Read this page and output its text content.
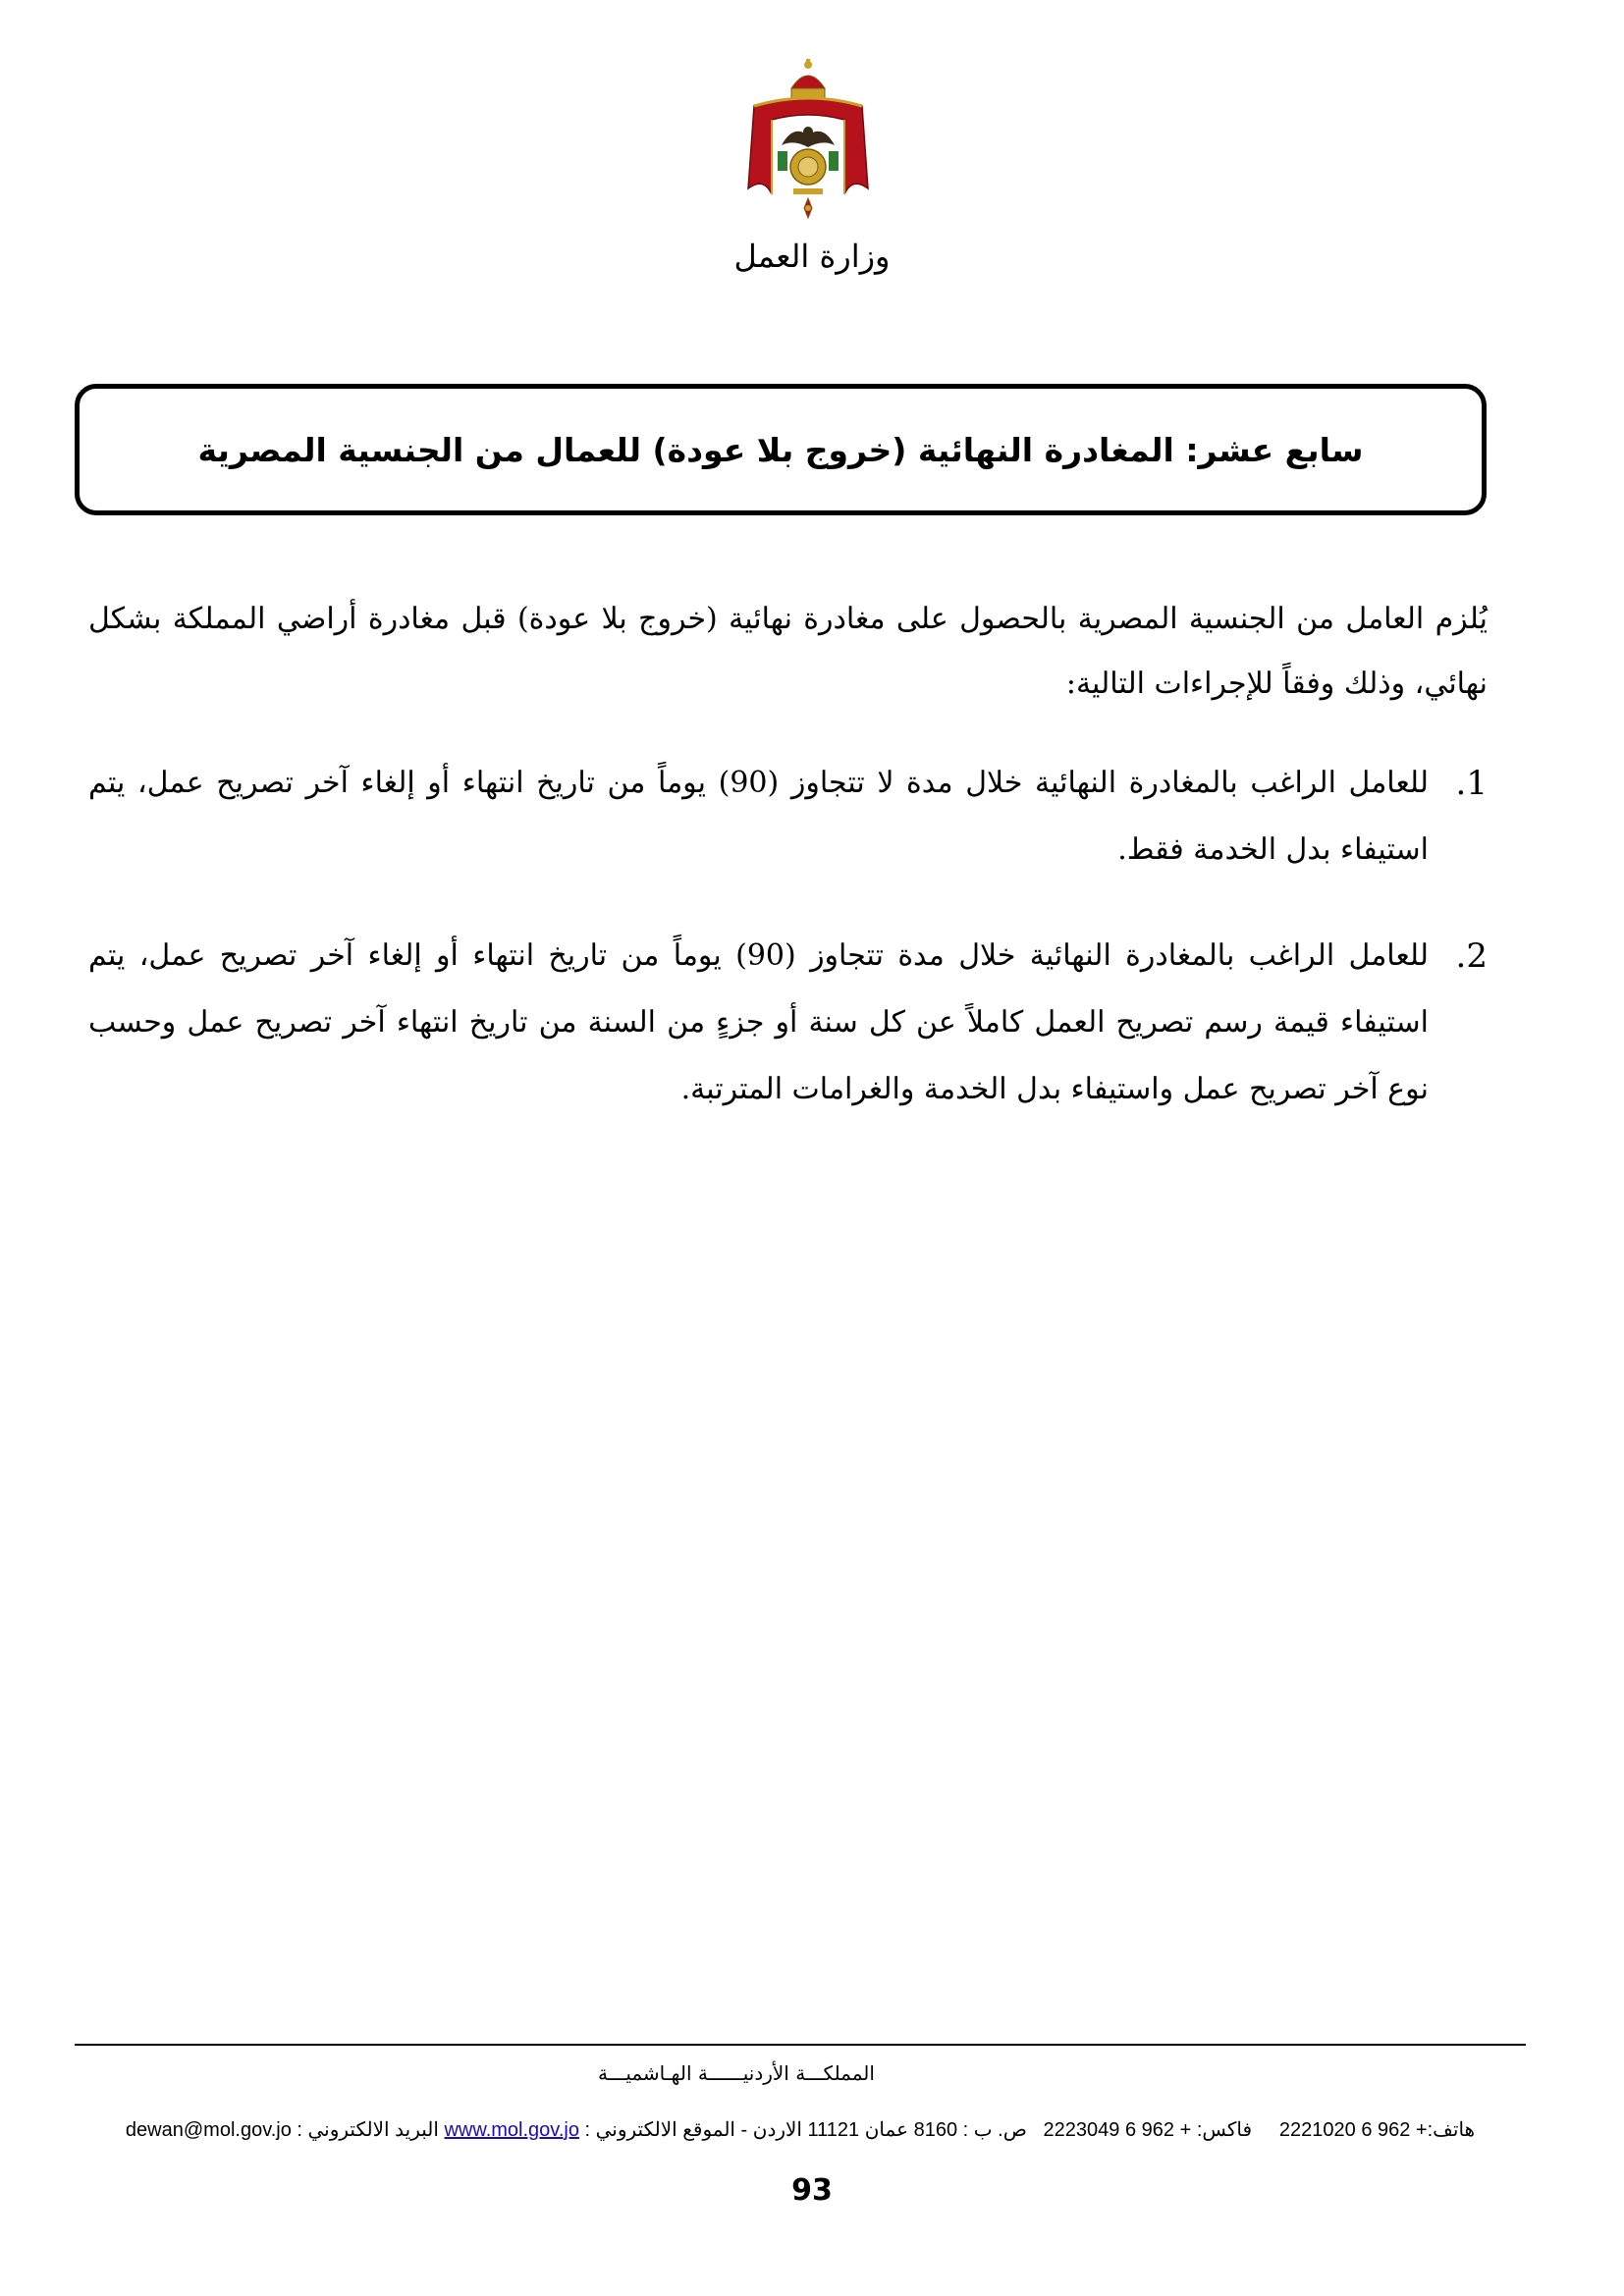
وزارة العمل
سابع عشر: المغادرة النهائية (خروج بلا عودة) للعمال من الجنسية المصرية
يُلزم العامل من الجنسية المصرية بالحصول على مغادرة نهائية (خروج بلا عودة) قبل مغادرة أراضي المملكة بشكل نهائي، وذلك وفقاً للإجراءات التالية:
1.
للعامل الراغب بالمغادرة النهائية خلال مدة لا تتجاوز (90) يوماً من تاريخ انتهاء أو إلغاء آخر تصريح عمل، يتم استيفاء بدل الخدمة فقط.
2.
للعامل الراغب بالمغادرة النهائية خلال مدة تتجاوز (90) يوماً من تاريخ انتهاء أو إلغاء آخر تصريح عمل، يتم استيفاء قيمة رسم تصريح العمل كاملاً عن كل سنة أو جزءٍ من السنة من تاريخ انتهاء آخر تصريح عمل وحسب نوع آخر تصريح عمل واستيفاء بدل الخدمة والغرامات المترتبة.
المملكـــة الأردنيــــــة الهـاشميـــة
هاتف:+ 962 6 2221020     فاكس: + 962 6 2223049   ص. ب : 8160 عمان 11121 الاردن - الموقع الالكتروني : www.mol.gov.jo البريد الالكتروني : dewan@mol.gov.jo
93
